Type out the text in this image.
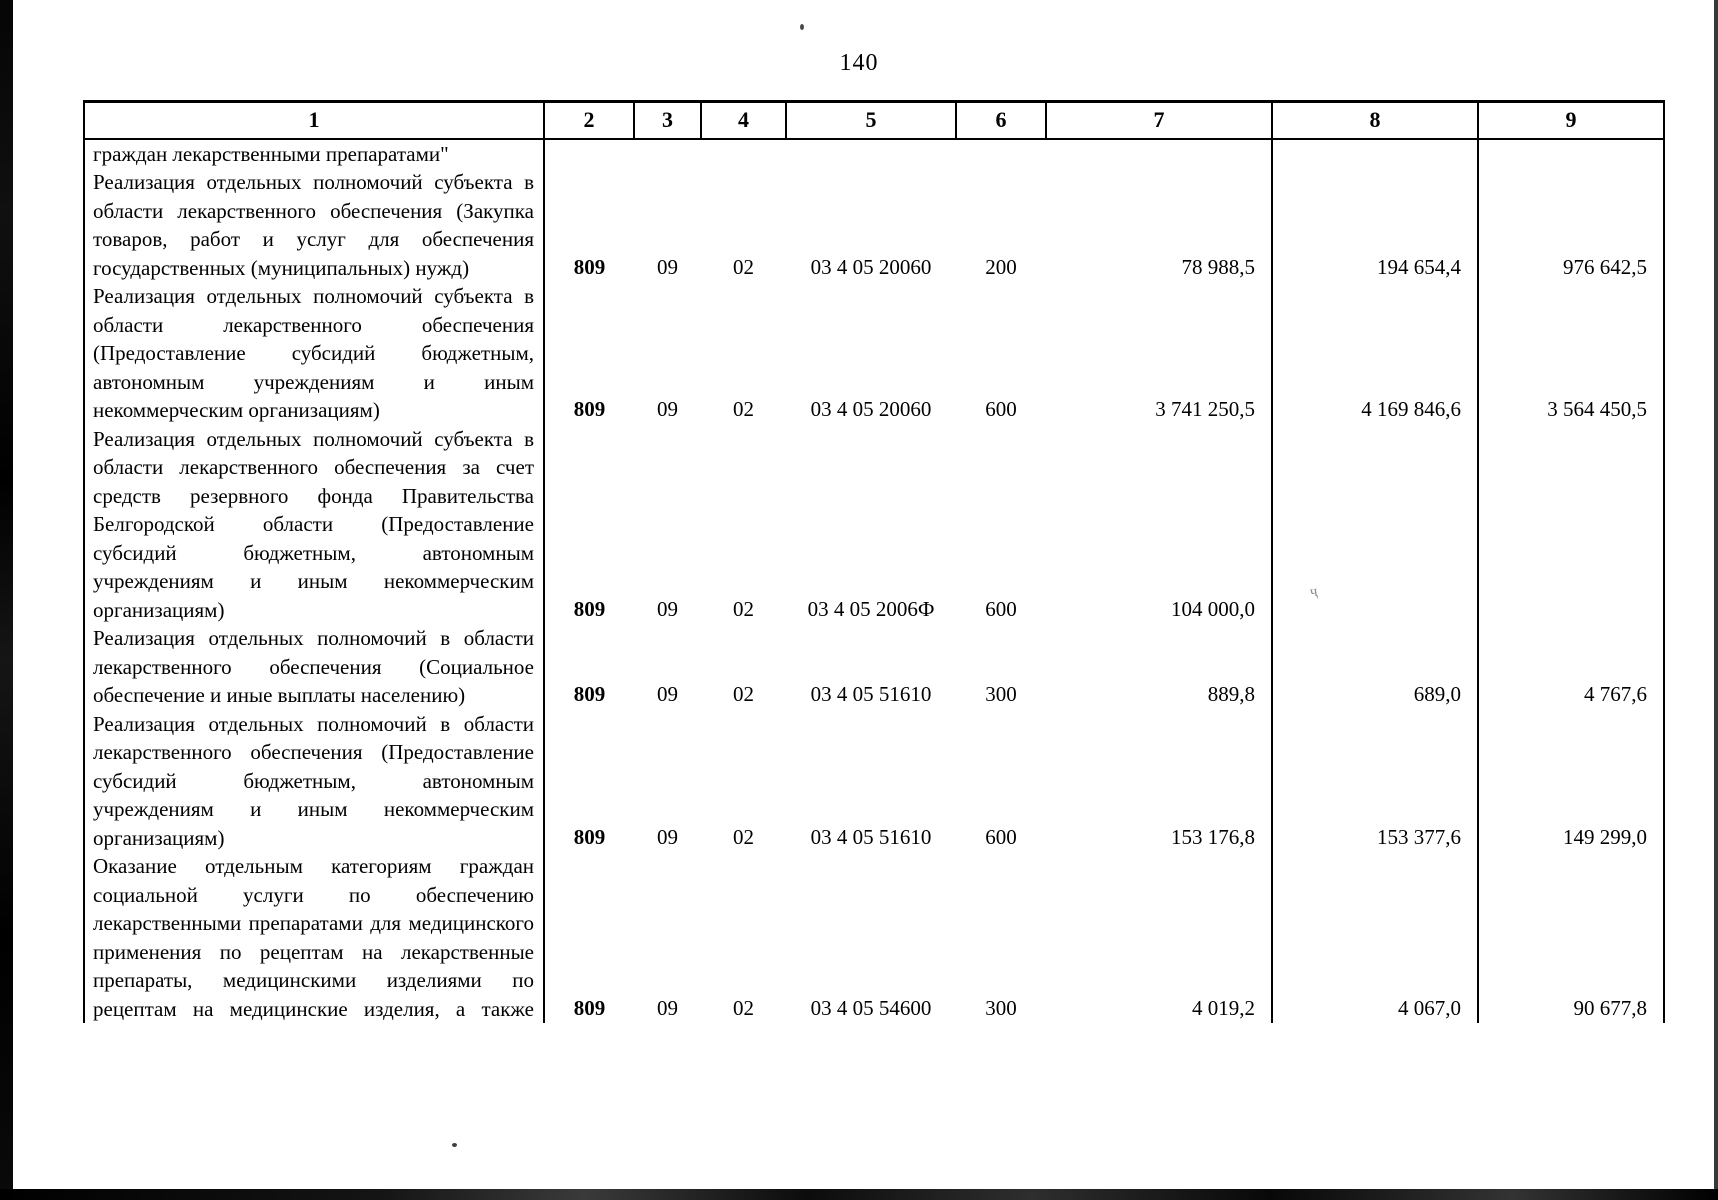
ҷ
140
1	2	3	4	5	6	7	8	9
граждан лекарственными препаратами"								
Реализация отдельных полномочий субъекта в области лекарственного обеспечения (Закупка товаров, работ и услуг для обеспечения государственных (муниципальных) нужд)	809	09	02	03 4 05 20060	200	78 988,5	194 654,4	976 642,5
Реализация отдельных полномочий субъекта в области лекарственного обеспечения (Предоставление субсидий бюджетным, автономным учреждениям и иным некоммерческим организациям)	809	09	02	03 4 05 20060	600	3 741 250,5	4 169 846,6	3 564 450,5
Реализация отдельных полномочий субъекта в области лекарственного обеспечения за счет средств резервного фонда Правительства Белгородской области (Предоставление субсидий бюджетным, автономным учреждениям и иным некоммерческим организациям)	809	09	02	03 4 05 2006Ф	600	104 000,0		
Реализация отдельных полномочий в области лекарственного обеспечения (Социальное обеспечение и иные выплаты населению)	809	09	02	03 4 05 51610	300	889,8	689,0	4 767,6
Реализация отдельных полномочий в области лекарственного обеспечения (Предоставление субсидий бюджетным, автономным учреждениям и иным некоммерческим организациям)	809	09	02	03 4 05 51610	600	153 176,8	153 377,6	149 299,0
Оказание отдельным категориям граждан социальной услуги по обеспечению лекарственными препаратами для медицинского применения по рецептам на лекарственные препараты, медицинскими изделиями по рецептам на медицинские изделия, а также	809	09	02	03 4 05 54600	300	4 019,2	4 067,0	90 677,8
